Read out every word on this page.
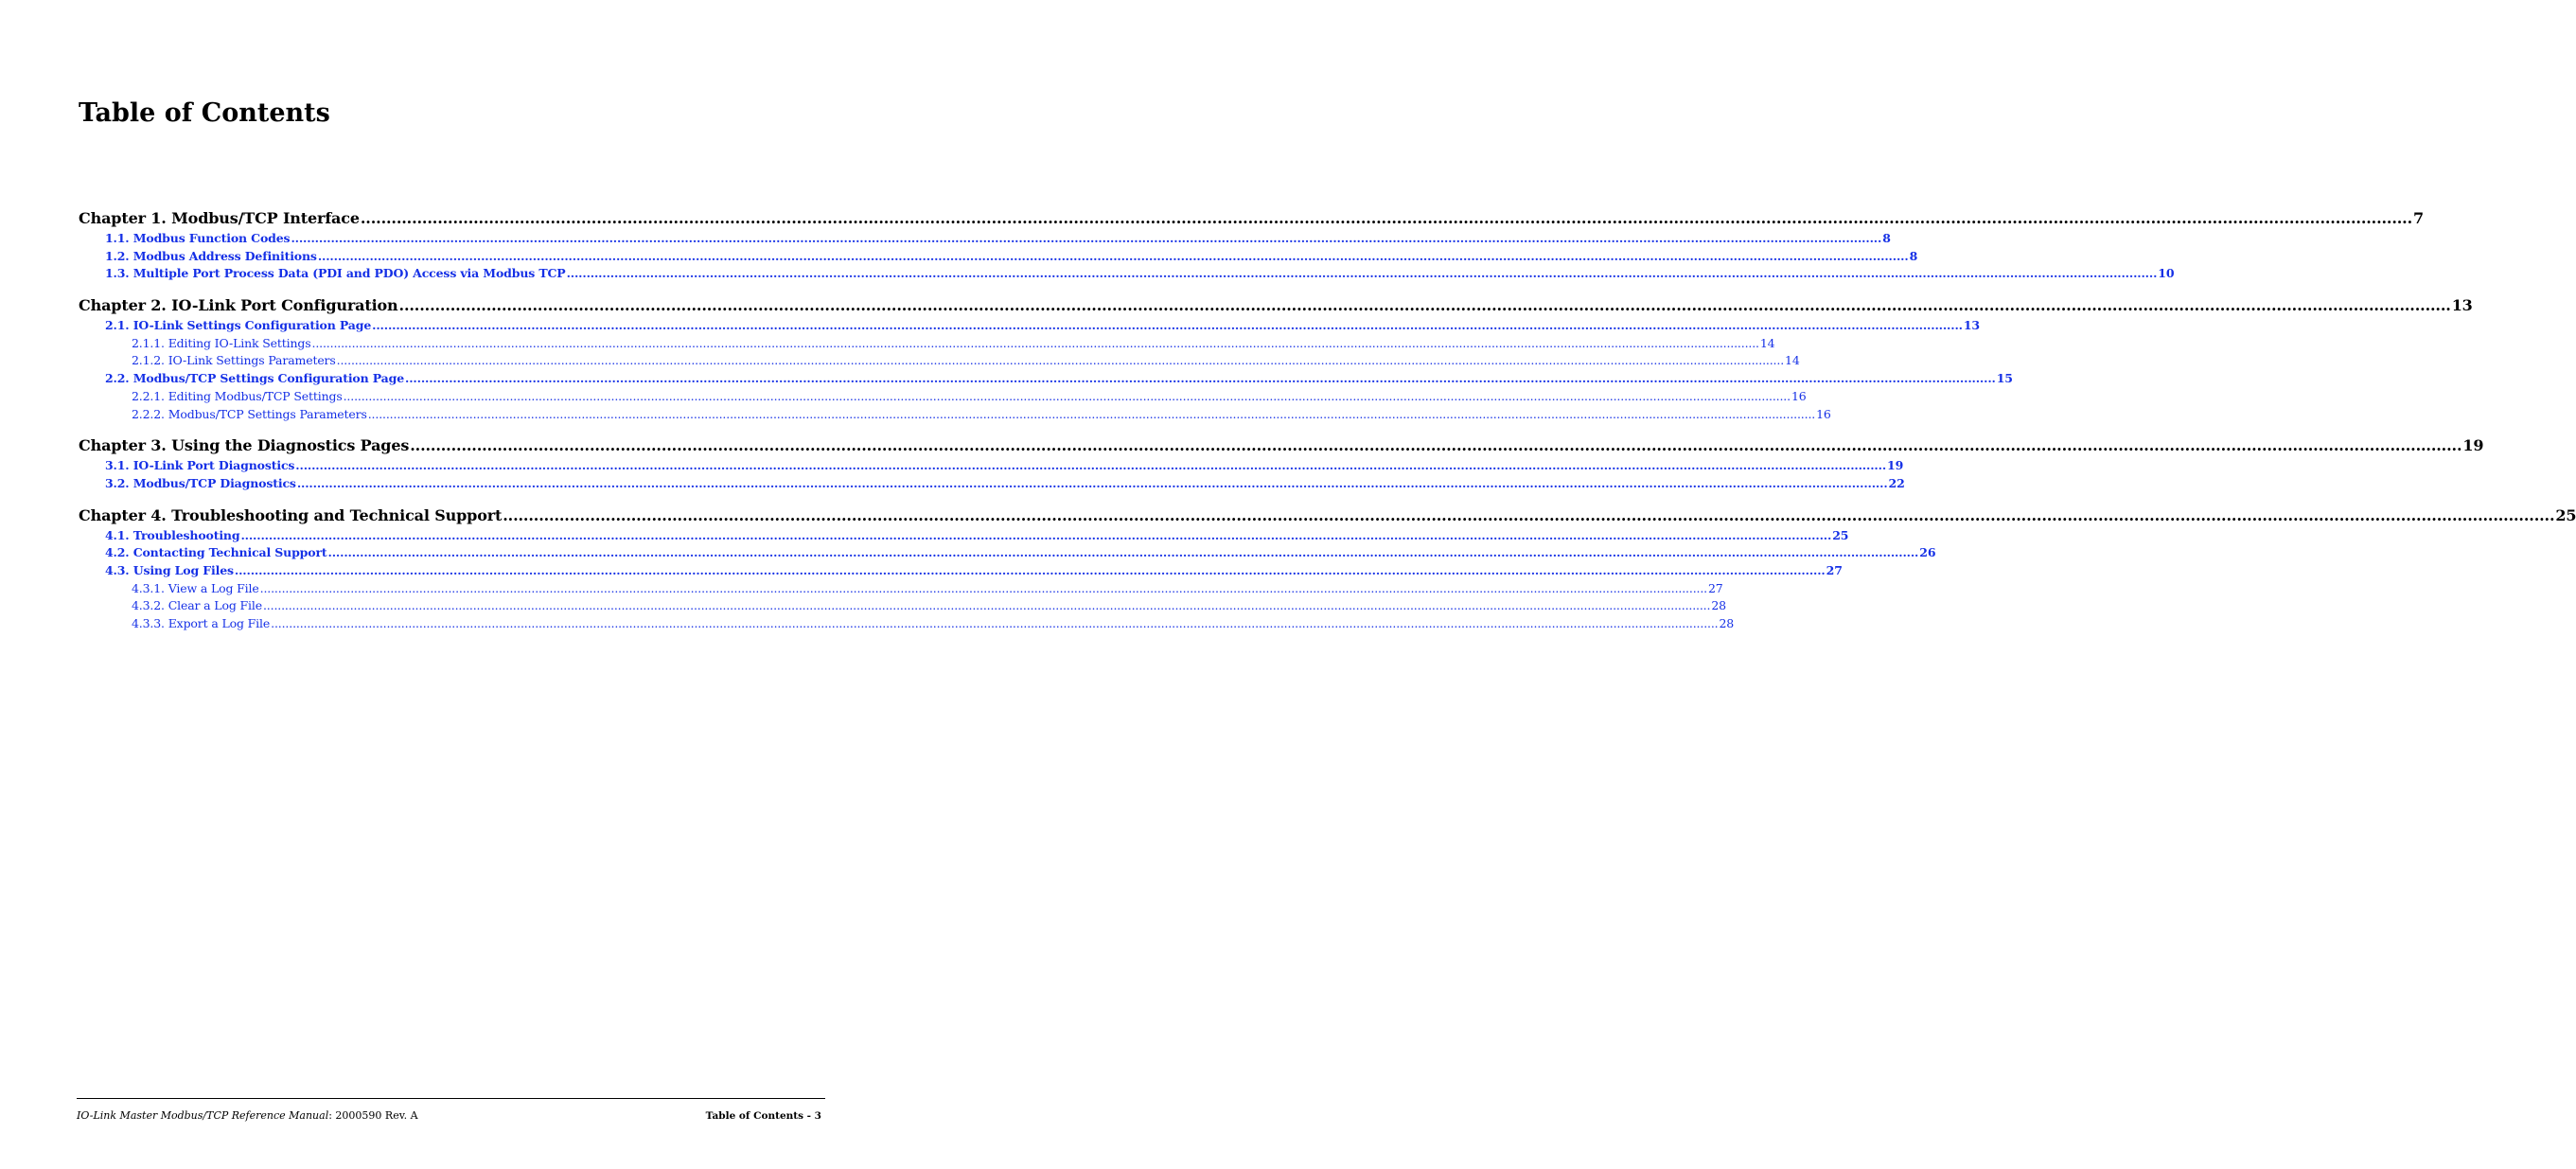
Table of Contents
Chapter 1. Modbus/TCP Interface ................................................................................................................................................................................................................................................................................................................................................................................................................ 7
1.1. Modbus Function Codes ................................................................................................................................................................................................................................................................................................................................................................................................................ 8
1.2. Modbus Address Definitions ................................................................................................................................................................................................................................................................................................................................................................................................................ 8
1.3. Multiple Port Process Data (PDI and PDO) Access via Modbus TCP ................................................................................................................................................................................................................................................................................................................................................................................................................ 10
Chapter 2. IO-Link Port Configuration ................................................................................................................................................................................................................................................................................................................................................................................................................ 13
2.1. IO-Link Settings Configuration Page ................................................................................................................................................................................................................................................................................................................................................................................................................ 13
2.1.1. Editing IO-Link Settings ................................................................................................................................................................................................................................................................................................................................................................................................................ 14
2.1.2. IO-Link Settings Parameters ................................................................................................................................................................................................................................................................................................................................................................................................................ 14
2.2. Modbus/TCP Settings Configuration Page ................................................................................................................................................................................................................................................................................................................................................................................................................ 15
2.2.1. Editing Modbus/TCP Settings ................................................................................................................................................................................................................................................................................................................................................................................................................ 16
2.2.2. Modbus/TCP Settings Parameters ................................................................................................................................................................................................................................................................................................................................................................................................................ 16
Chapter 3. Using the Diagnostics Pages ................................................................................................................................................................................................................................................................................................................................................................................................................ 19
3.1. IO-Link Port Diagnostics ................................................................................................................................................................................................................................................................................................................................................................................................................ 19
3.2. Modbus/TCP Diagnostics ................................................................................................................................................................................................................................................................................................................................................................................................................ 22
Chapter 4. Troubleshooting and Technical Support ................................................................................................................................................................................................................................................................................................................................................................................................................ 25
4.1. Troubleshooting ................................................................................................................................................................................................................................................................................................................................................................................................................ 25
4.2. Contacting Technical Support ................................................................................................................................................................................................................................................................................................................................................................................................................ 26
4.3. Using Log Files ................................................................................................................................................................................................................................................................................................................................................................................................................ 27
4.3.1. View a Log File ................................................................................................................................................................................................................................................................................................................................................................................................................ 27
4.3.2. Clear a Log File ................................................................................................................................................................................................................................................................................................................................................................................................................ 28
4.3.3. Export a Log File ................................................................................................................................................................................................................................................................................................................................................................................................................ 28
IO-Link Master Modbus/TCP Reference Manual: 2000590 Rev. A	Table of Contents - 3
